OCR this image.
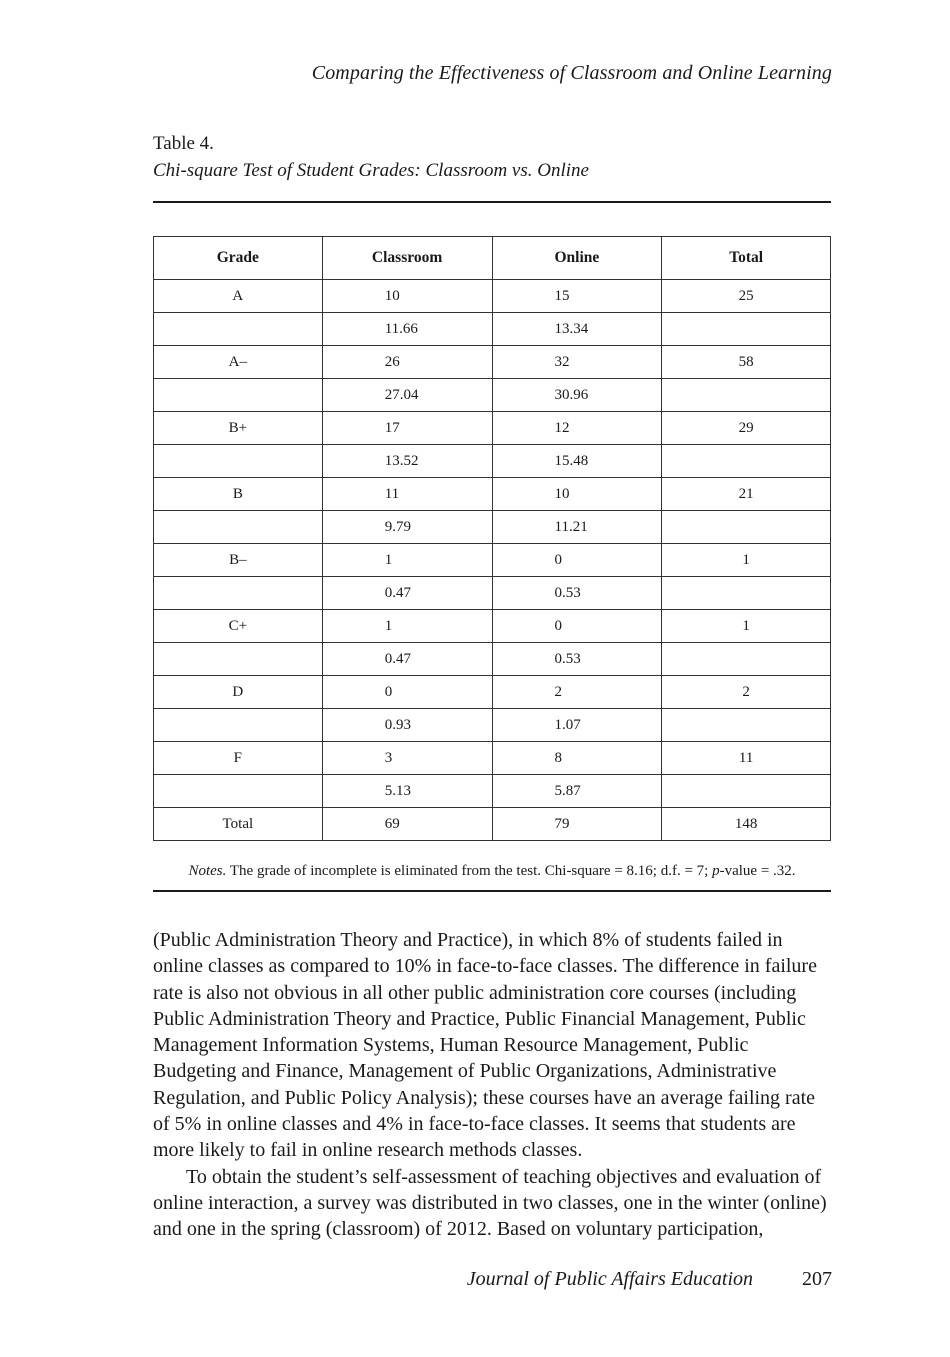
Comparing the Effectiveness of Classroom and Online Learning
Table 4.
Chi-square Test of Student Grades: Classroom vs. Online
Grade	Classroom	Online	Total
A	10	15	25
	11.66	13.34	
A–	26	32	58
	27.04	30.96	
B+	17	12	29
	13.52	15.48	
B	11	10	21
	9.79	11.21	
B–	1	0	1
	0.47	0.53	
C+	1	0	1
	0.47	0.53	
D	0	2	2
	0.93	1.07	
F	3	8	11
	5.13	5.87	
Total	69	79	148
Notes. The grade of incomplete is eliminated from the test. Chi-square = 8.16; d.f. = 7; p-value = .32.

(Public Administration Theory and Practice), in which 8% of students failed in online classes as compared to 10% in face-to-face classes. The difference in failure rate is also not obvious in all other public administration core courses (including Public Administration Theory and Practice, Public Financial Management, Public Management Information Systems, Human Resource Management, Public Budgeting and Finance, Management of Public Organizations, Administrative Regulation, and Public Policy Analysis); these courses have an average failing rate of 5% in online classes and 4% in face-to-face classes. It seems that students are more likely to fail in online research methods classes.

To obtain the student’s self-assessment of teaching objectives and evaluation of online interaction, a survey was distributed in two classes, one in the winter (online) and one in the spring (classroom) of 2012. Based on voluntary participation,

Journal of Public Affairs Education 207
